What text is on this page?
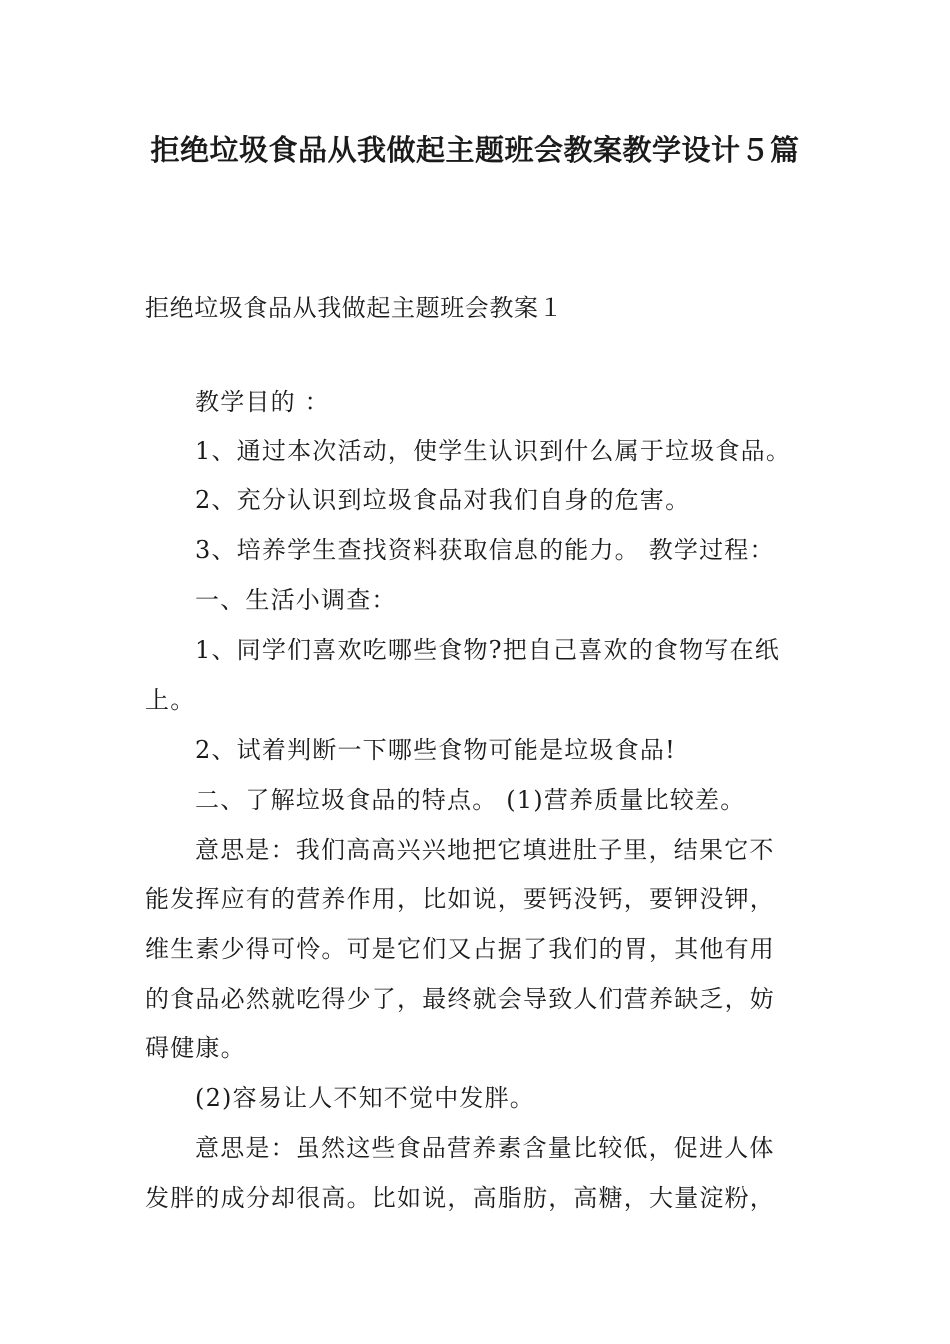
拒绝垃圾食品从我做起主题班会教案教学设计５篇
拒绝垃圾食品从我做起主题班会教案１
教学目的 ：
1、通过本次活动，使学生认识到什么属于垃圾食品。
2、充分认识到垃圾食品对我们自身的危害。
3、培养学生查找资料获取信息的能力。 教学过程：
一、生活小调查：
1、同学们喜欢吃哪些食物?把自己喜欢的食物写在纸
上。
2、试着判断一下哪些食物可能是垃圾食品!
二、了解垃圾食品的特点。 (1)营养质量比较差。
意思是：我们高高兴兴地把它填进肚子里，结果它不
能发挥应有的营养作用，比如说，要钙没钙，要钾没钾，
维生素少得可怜。可是它们又占据了我们的胃，其他有用
的食品必然就吃得少了，最终就会导致人们营养缺乏，妨
碍健康。
(2)容易让人不知不觉中发胖。
意思是：虽然这些食品营养素含量比较低，促进人体
发胖的成分却很高。比如说，高脂肪，高糖，大量淀粉，
